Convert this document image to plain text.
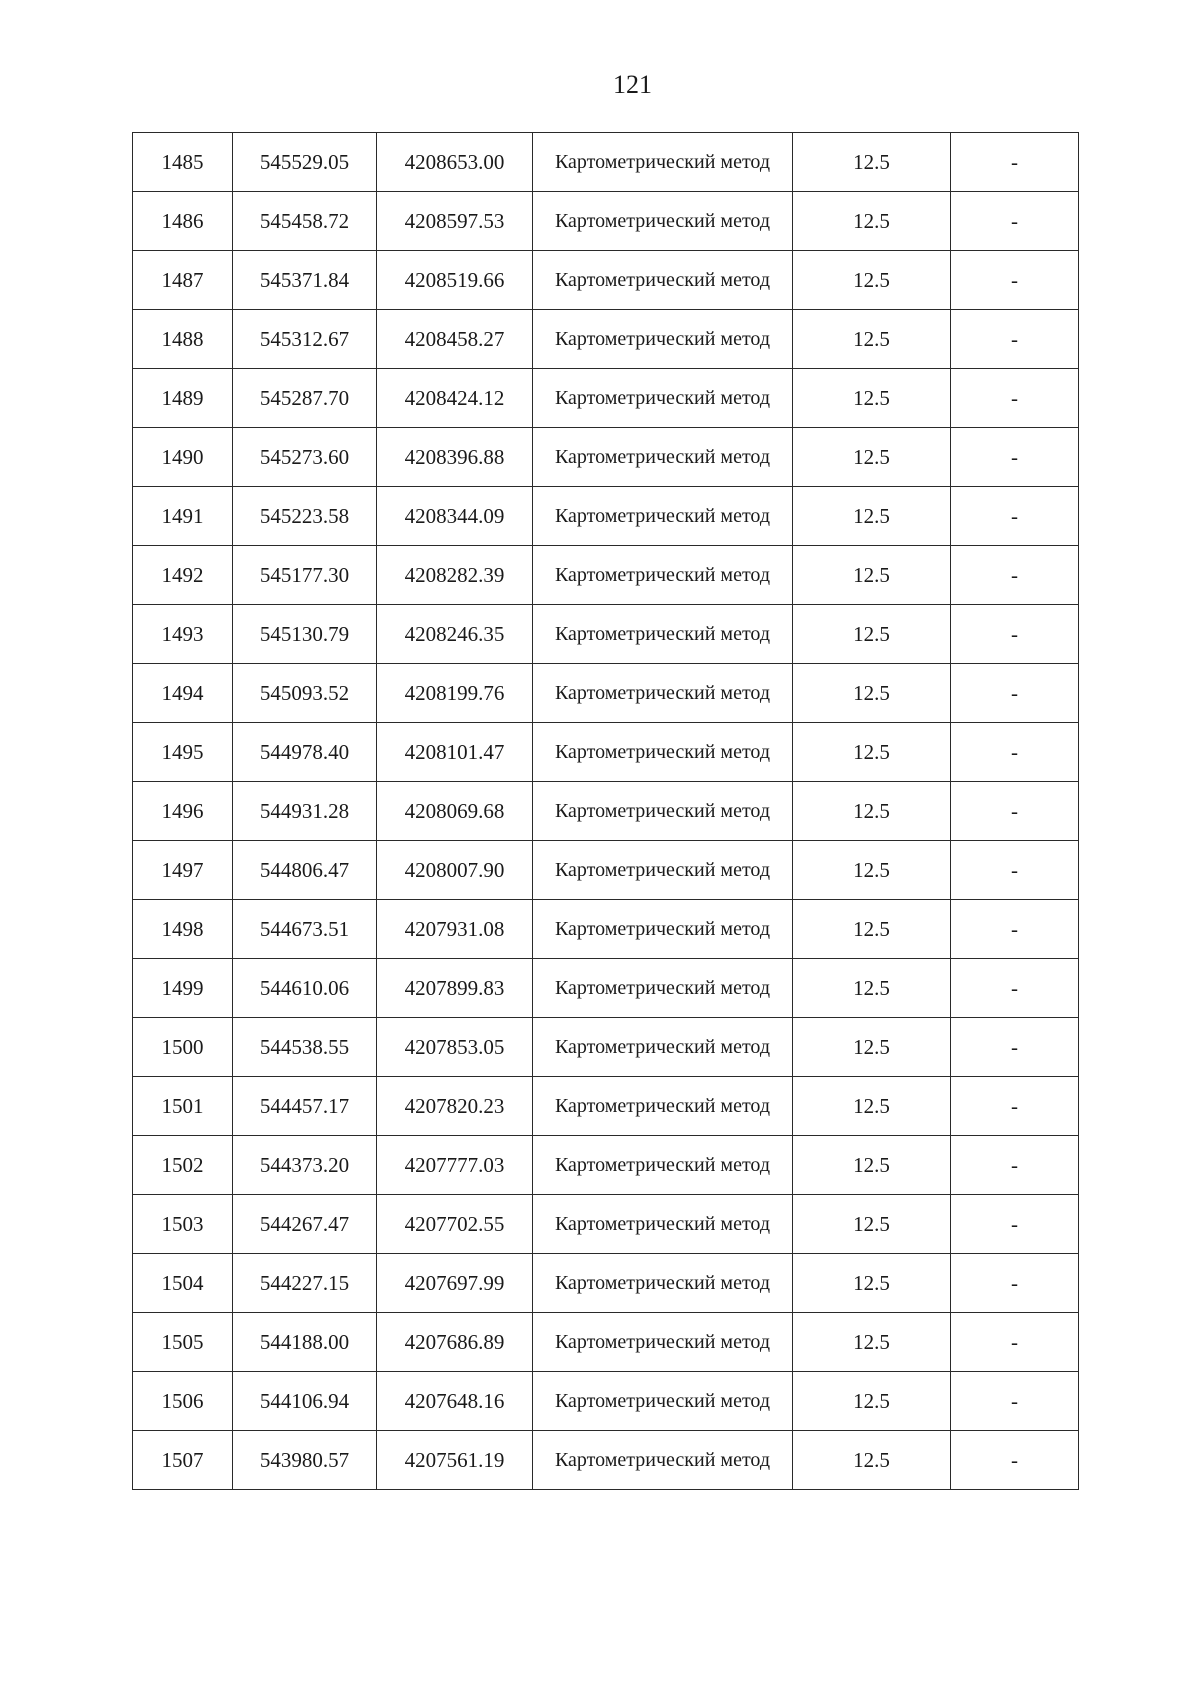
121
1485	545529.05	4208653.00	Картометрический метод	12.5	-
1486	545458.72	4208597.53	Картометрический метод	12.5	-
1487	545371.84	4208519.66	Картометрический метод	12.5	-
1488	545312.67	4208458.27	Картометрический метод	12.5	-
1489	545287.70	4208424.12	Картометрический метод	12.5	-
1490	545273.60	4208396.88	Картометрический метод	12.5	-
1491	545223.58	4208344.09	Картометрический метод	12.5	-
1492	545177.30	4208282.39	Картометрический метод	12.5	-
1493	545130.79	4208246.35	Картометрический метод	12.5	-
1494	545093.52	4208199.76	Картометрический метод	12.5	-
1495	544978.40	4208101.47	Картометрический метод	12.5	-
1496	544931.28	4208069.68	Картометрический метод	12.5	-
1497	544806.47	4208007.90	Картометрический метод	12.5	-
1498	544673.51	4207931.08	Картометрический метод	12.5	-
1499	544610.06	4207899.83	Картометрический метод	12.5	-
1500	544538.55	4207853.05	Картометрический метод	12.5	-
1501	544457.17	4207820.23	Картометрический метод	12.5	-
1502	544373.20	4207777.03	Картометрический метод	12.5	-
1503	544267.47	4207702.55	Картометрический метод	12.5	-
1504	544227.15	4207697.99	Картометрический метод	12.5	-
1505	544188.00	4207686.89	Картометрический метод	12.5	-
1506	544106.94	4207648.16	Картометрический метод	12.5	-
1507	543980.57	4207561.19	Картометрический метод	12.5	-
